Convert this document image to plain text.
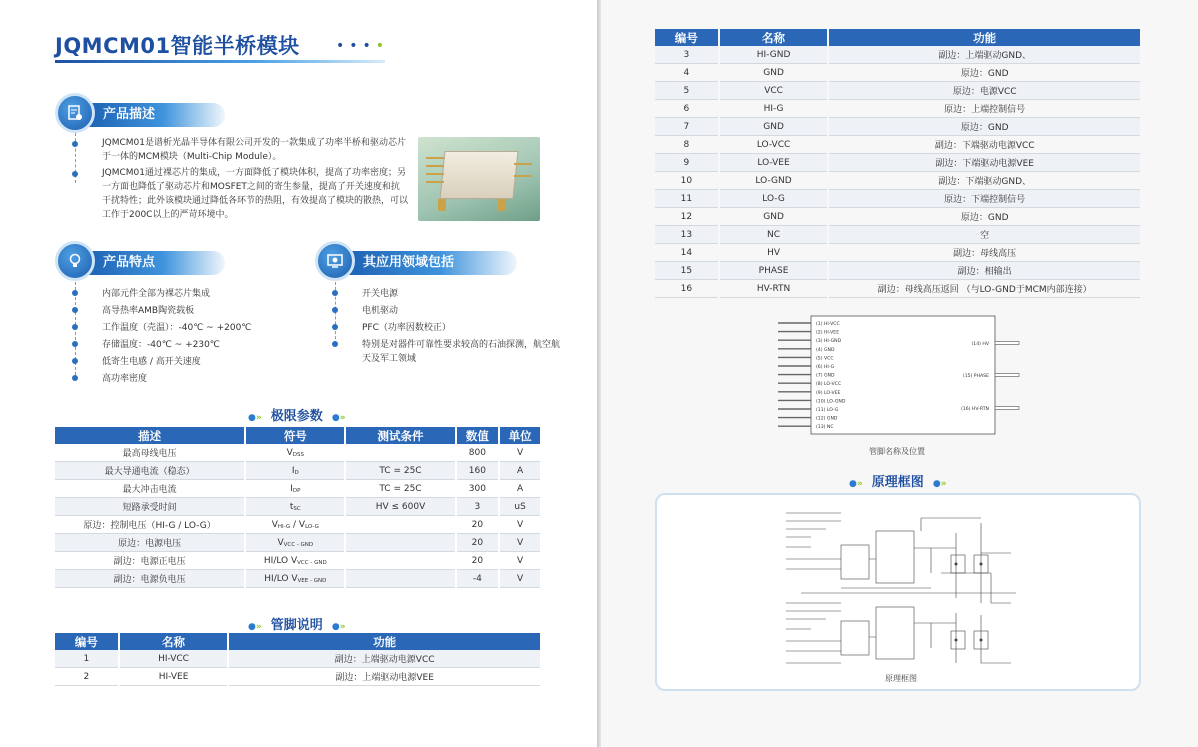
JQMCM01智能半桥模块	••••
产品描述
JQMCM01是谱析光晶半导体有限公司开发的一款集成了功率半桥和驱动芯片于一体的MCM模块（Multi-Chip Module）。
JQMCM01通过裸芯片的集成，一方面降低了模块体积，提高了功率密度；另一方面也降低了驱动芯片和MOSFET之间的寄生参量，提高了开关速度和抗干扰特性；此外该模块通过降低各环节的热阻，有效提高了模块的散热，可以工作于200C以上的严苛环境中。
产品特点
内部元件全部为裸芯片集成
高导热率AMB陶瓷载板
工作温度（壳温）：-40℃ ~ +200℃
存储温度：-40℃ ~ +230℃
低寄生电感 / 高开关速度
高功率密度
其应用领域包括
开关电源
电机驱动
PFC（功率因数校正）
特别是对器件可靠性要求较高的石油探测，航空航天及军工领域
●» 极限参数 ●»
描述	符号	测试条件	数值	单位
最高母线电压	$V_{DSS}$		800	V
最大导通电流（稳态）	$I_D$	TC = 25C	160	A
最大冲击电流	$I_{DP}$	TC = 25C	300	A
短路承受时间	$t_{SC}$	HV ≤ 600V	3	uS
原边：控制电压（HI-G / LO-G）	$V_{HI-G} / V_{LO-G}$		20	V
原边：电源电压	$V_{VCC - GND}$		20	V
副边：电源正电压	HI/LO $V_{VCC - GND}$		20	V
副边：电源负电压	HI/LO $V_{VEE - GND}$		-4	V
●» 管脚说明 ●»
编号	名称	功能
1	HI-VCC	副边：上端驱动电源VCC
2	HI-VEE	副边：上端驱动电源VEE
编号	名称	功能
3	HI-GND	副边：上端驱动GND、
4	GND	原边：GND
5	VCC	原边：电源VCC
6	HI-G	原边：上端控制信号
7	GND	原边：GND
8	LO-VCC	副边：下端驱动电源VCC
9	LO-VEE	副边：下端驱动电源VEE
10	LO-GND	副边：下端驱动GND、
11	LO-G	原边：下端控制信号
12	GND	原边：GND
13	NC	空
14	HV	副边：母线高压
15	PHASE	副边：相输出
16	HV-RTN	副边：母线高压返回 （与LO-GND于MCM内部连接）
(1) HI-VCC
(2) HI-VEE
(3) HI-GND
(4) GND
(5) VCC
(6) HI-G
(7) GND
(8) LO-VCC
(9) LO-VEE
(10) LO-GND
(11) LO-G
(12) GND
(13) NC
(14) HV
(15) PHASE
(16) HV-RTN
管脚名称及位置
●» 原理框图 ●»
原理框图
